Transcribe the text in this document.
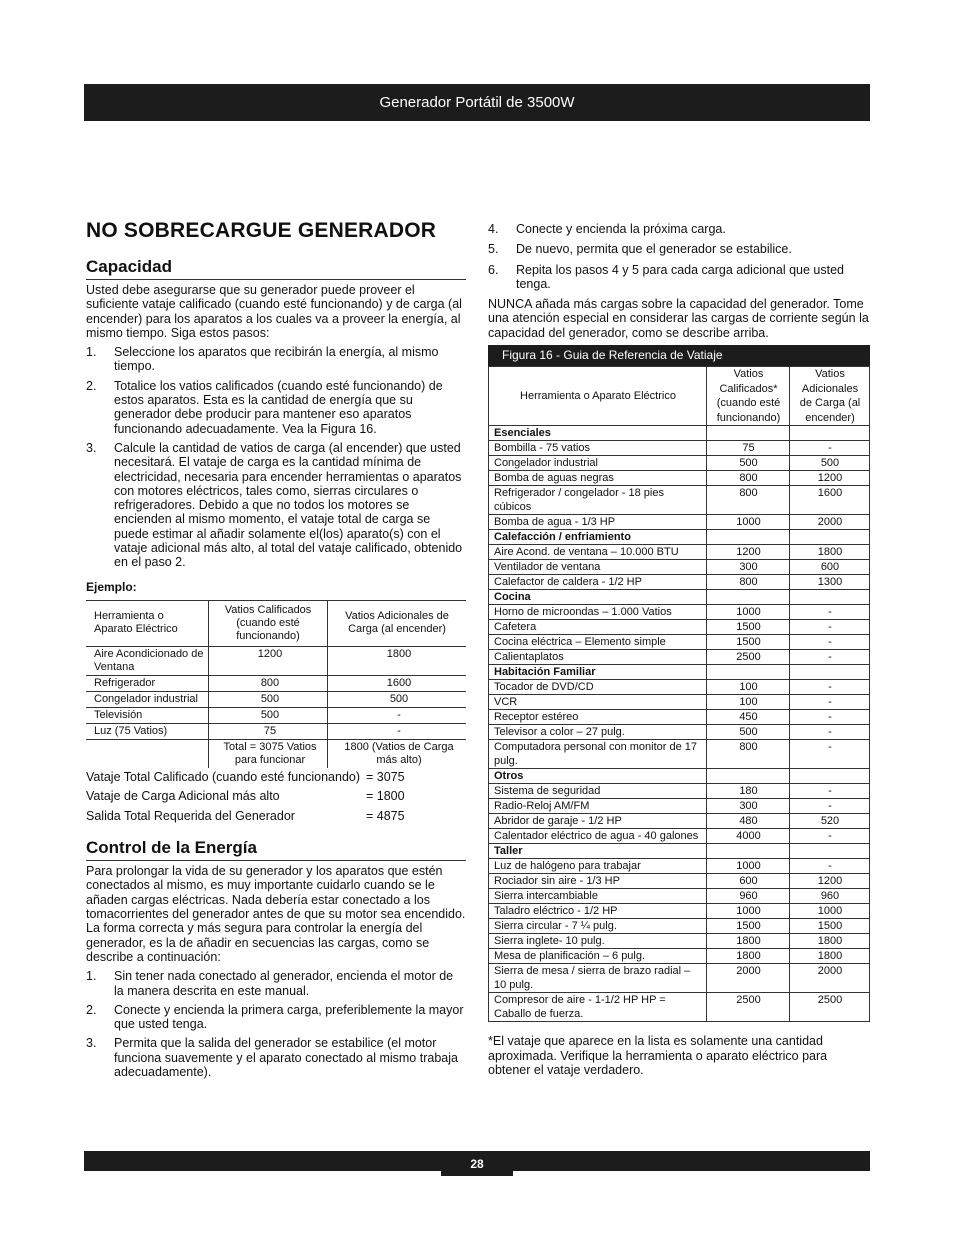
Generador Portátil de 3500W
NO SOBRECARGUE GENERADOR
Capacidad

Usted debe asegurarse que su generador puede proveer el suficiente vataje calificado (cuando esté funcionando) y de carga (al encender) para los aparatos a los cuales va a proveer la energía, al mismo tiempo. Siga estos pasos:

1.	Seleccione los aparatos que recibirán la energía, al mismo tiempo.
2.	Totalice los vatios calificados (cuando esté funcionando) de estos aparatos. Esta es la cantidad de energía que su generador debe producir para mantener eso aparatos funcionando adecuadamente. Vea la Figura 16.
3.	Calcule la cantidad de vatios de carga (al encender) que usted necesitará. El vataje de carga es la cantidad mínima de electricidad, necesaria para encender herramientas o aparatos con motores eléctricos, tales como, sierras circulares o refrigeradores. Debido a que no todos los motores se encienden al mismo momento, el vataje total de carga se puede estimar al añadir solamente el(los) aparato(s) con el vataje adicional más alto, al total del vataje calificado, obtenido en el paso 2.
Ejemplo:
Herramienta o Aparato Eléctrico	Vatios Calificados (cuando esté funcionando)	Vatios Adicionales de Carga (al encender)
Aire Acondicionado de Ventana	1200	1800
Refrigerador	800	1600
Congelador industrial	500	500
Televisión	500	-
Luz (75 Vatios)	75	-
	Total = 3075 Vatios para funcionar	1800 (Vatios de Carga más alto)
Vataje Total Calificado (cuando esté funcionando) = 3075
Vataje de Carga Adicional más alto	= 1800
Salida Total Requerida del Generador	= 4875
Control de la Energía

Para prolongar la vida de su generador y los aparatos que estén conectados al mismo, es muy importante cuidarlo cuando se le añaden cargas eléctricas. Nada debería estar conectado a los tomacorrientes del generador antes de que su motor sea encendido. La forma correcta y más segura para controlar la energía del generador, es la de añadir en secuencias las cargas, como se describe a continuación:

1.	Sin tener nada conectado al generador, encienda el motor de la manera descrita en este manual.
2.	Conecte y encienda la primera carga, preferiblemente la mayor que usted tenga.
3.	Permita que la salida del generador se estabilice (el motor funciona suavemente y el aparato conectado al mismo trabaja adecuadamente).
4.	Conecte y encienda la próxima carga.
5.	De nuevo, permita que el generador se estabilice.
6.	Repita los pasos 4 y 5 para cada carga adicional que usted tenga.

NUNCA añada más cargas sobre la capacidad del generador. Tome una atención especial en considerar las cargas de corriente según la capacidad del generador, como se describe arriba.

Figura 16 - Guia de Referencia de Vatiaje
Herramienta o Aparato Eléctrico	Vatios Calificados* (cuando esté funcionando)	Vatios Adicionales de Carga (al encender)
Esenciales		
Bombilla - 75 vatios	75	-
Congelador industrial	500	500
Bomba de aguas negras	800	1200
Refrigerador / congelador - 18 pies cúbicos	800	1600
Bomba de agua - 1/3 HP	1000	2000
Calefacción / enfriamiento		
Aire Acond. de ventana – 10.000 BTU	1200	1800
Ventilador de ventana	300	600
Calefactor de caldera - 1/2 HP	800	1300
Cocina		
Horno de microondas – 1.000 Vatios	1000	-
Cafetera	1500	-
Cocina eléctrica – Elemento simple	1500	-
Calientaplatos	2500	-
Habitación Familiar		
Tocador de DVD/CD	100	-
VCR	100	-
Receptor estéreo	450	-
Televisor a color – 27 pulg.	500	-
Computadora personal con monitor de 17 pulg.	800	-
Otros		
Sistema de seguridad	180	-
Radio-Reloj AM/FM	300	-
Abridor de garaje - 1/2 HP	480	520
Calentador eléctrico de agua - 40 galones	4000	-
Taller		
Luz de halógeno para trabajar	1000	-
Rociador sin aire - 1/3 HP	600	1200
Sierra intercambiable	960	960
Taladro eléctrico - 1/2 HP	1000	1000
Sierra circular - 7 ¼ pulg.	1500	1500
Sierra inglete- 10 pulg.	1800	1800
Mesa de planificación – 6 pulg.	1800	1800
Sierra de mesa / sierra de brazo radial – 10 pulg.	2000	2000
Compresor de aire - 1-1/2 HP HP = Caballo de fuerza.	2500	2500

*El vataje que aparece en la lista es solamente una cantidad aproximada. Verifique la herramienta o aparato eléctrico para obtener el vataje verdadero.

28
